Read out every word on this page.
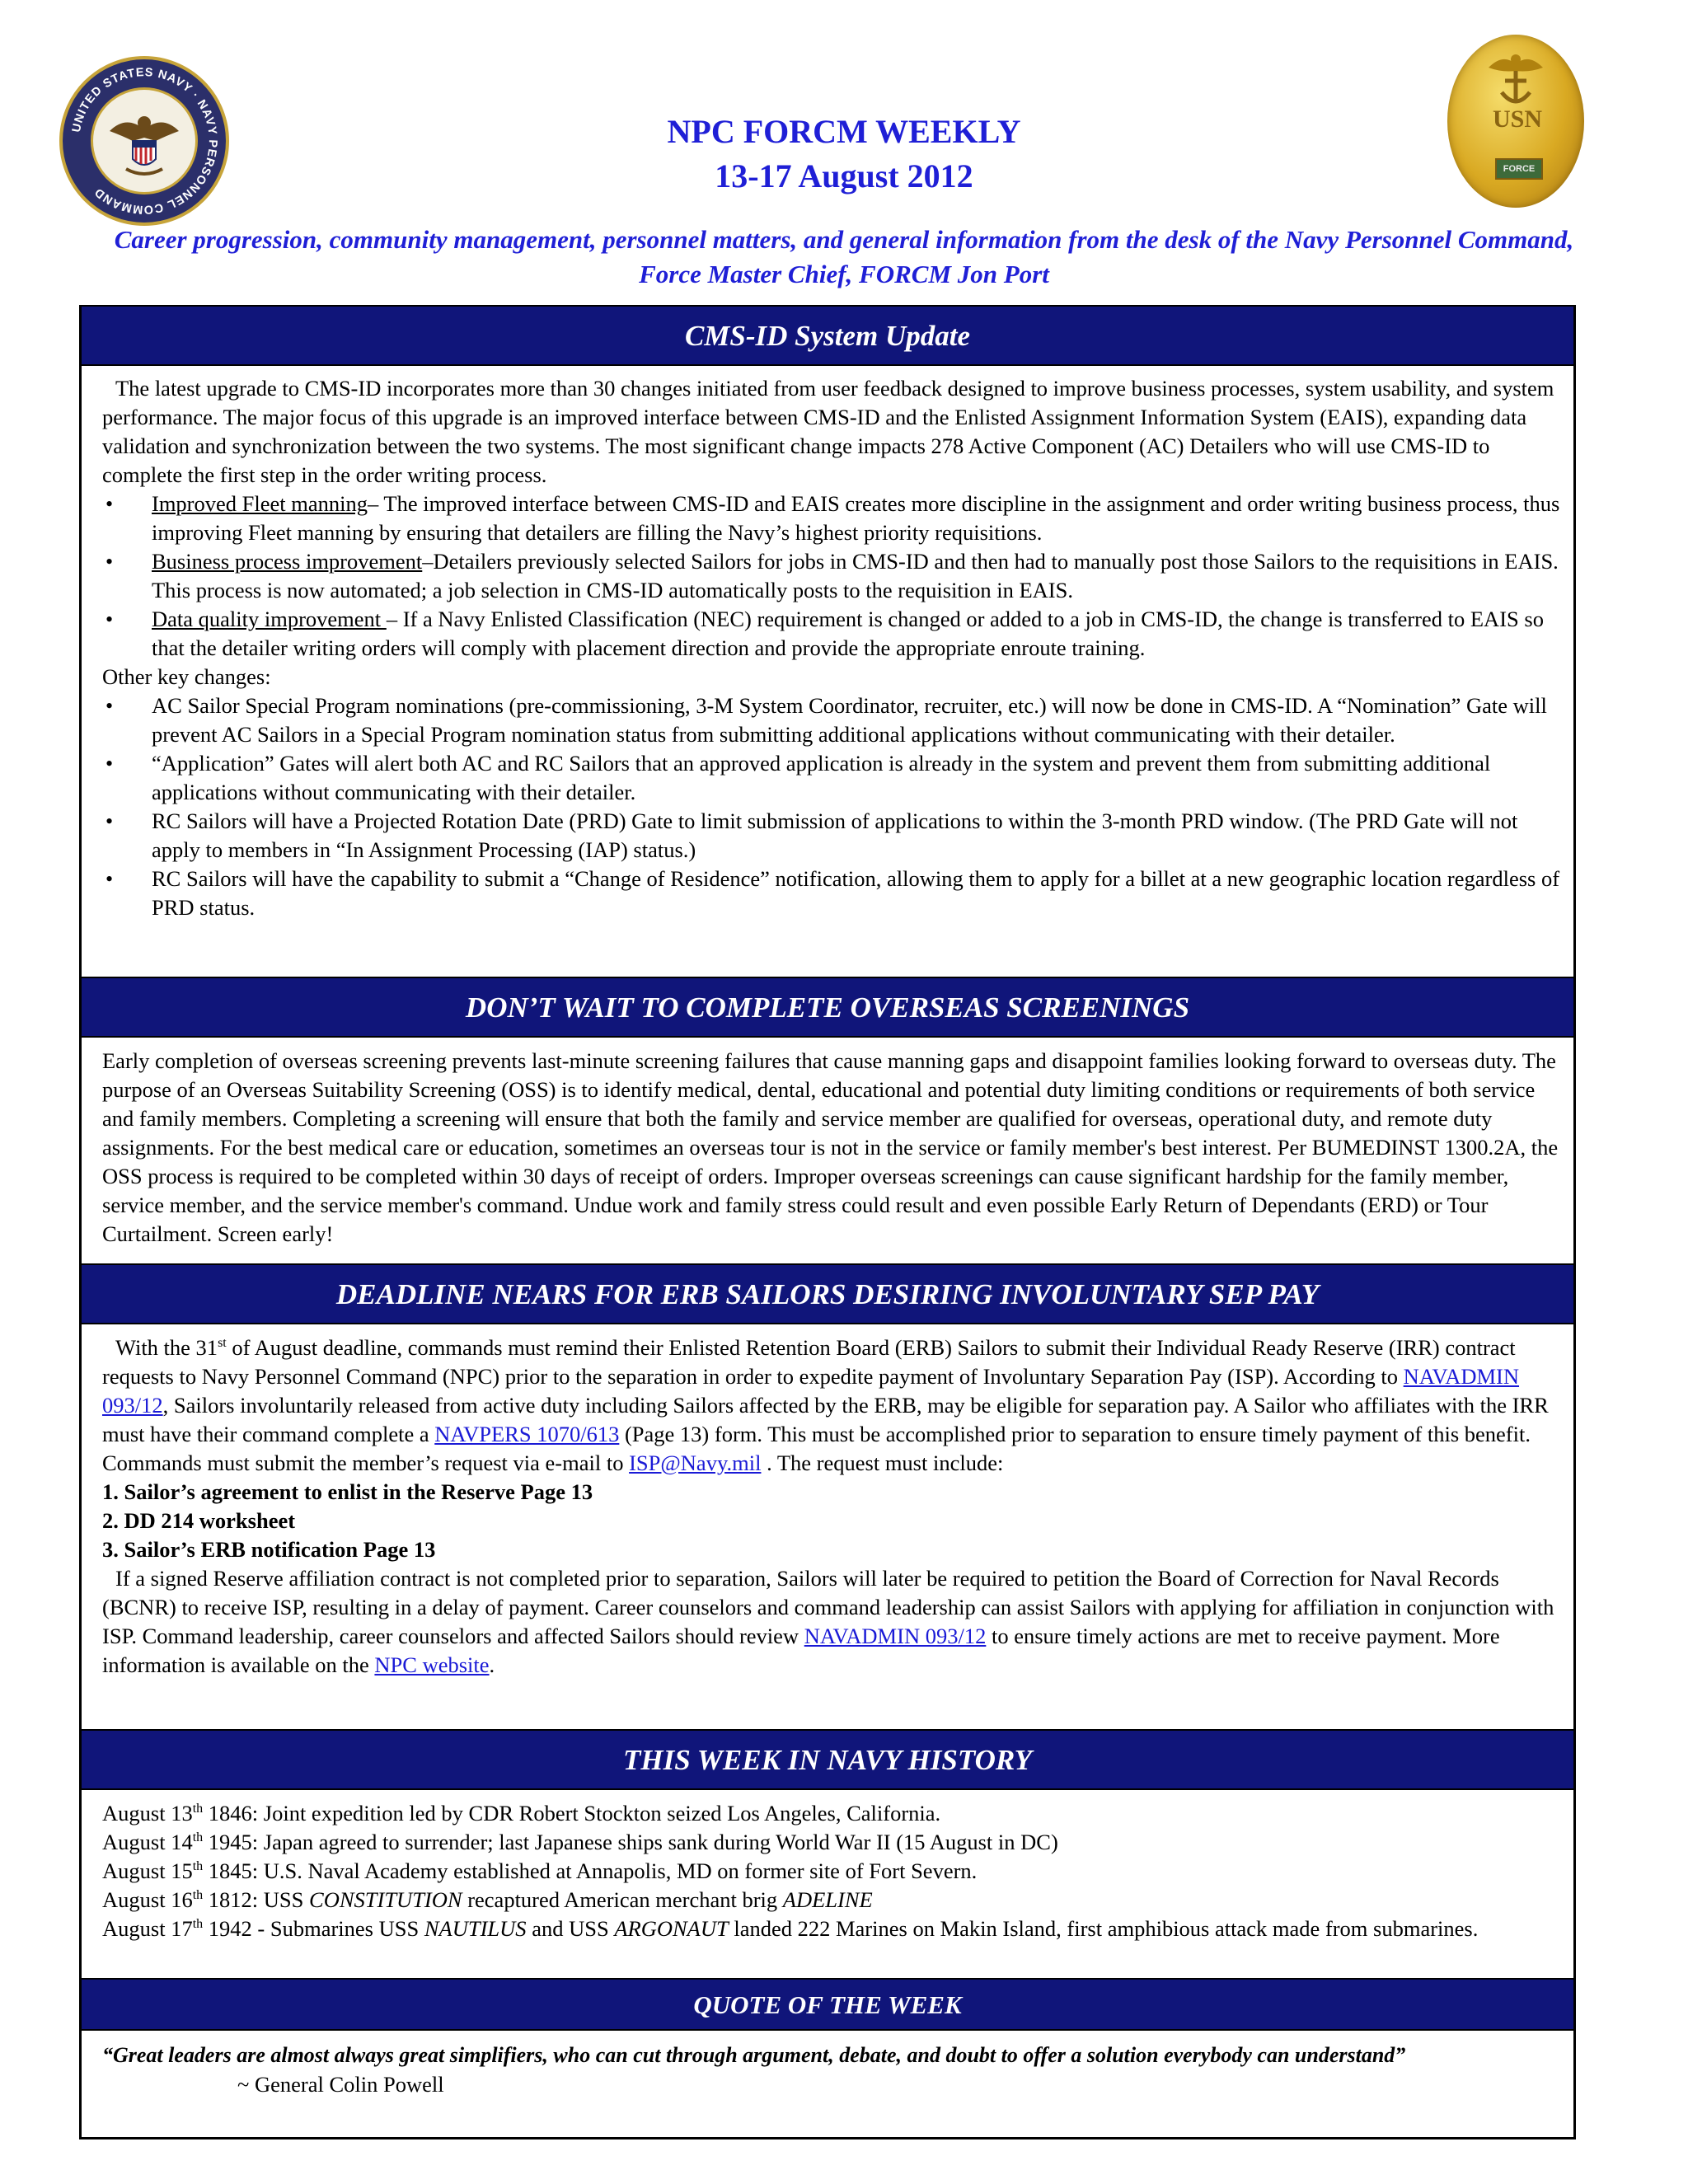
UNITED STATES NAVY · NAVY PERSONNEL COMMAND
USN
FORCE
NPC FORCM WEEKLY
13-17 August 2012
Career progression, community management, personnel matters, and general information from the desk of the Navy Personnel Command, Force Master Chief, FORCM Jon Port
CMS-ID System Update

The latest upgrade to CMS-ID incorporates more than 30 changes initiated from user feedback designed to improve business processes, system usability, and system performance. The major focus of this upgrade is an improved interface between CMS-ID and the Enlisted Assignment Information System (EAIS), expanding data validation and synchronization between the two systems. The most significant change impacts 278 Active Component (AC) Detailers who will use CMS-ID to complete the first step in the order writing process.

• Improved Fleet manning– The improved interface between CMS-ID and EAIS creates more discipline in the assignment and order writing business process, thus improving Fleet manning by ensuring that detailers are filling the Navy’s highest priority requisitions.
• Business process improvement–Detailers previously selected Sailors for jobs in CMS-ID and then had to manually post those Sailors to the requisitions in EAIS. This process is now automated; a job selection in CMS-ID automatically posts to the requisition in EAIS.
• Data quality improvement – If a Navy Enlisted Classification (NEC) requirement is changed or added to a job in CMS-ID, the change is transferred to EAIS so that the detailer writing orders will comply with placement direction and provide the appropriate enroute training.

Other key changes:

• AC Sailor Special Program nominations (pre-commissioning, 3-M System Coordinator, recruiter, etc.) will now be done in CMS-ID. A “Nomination” Gate will prevent AC Sailors in a Special Program nomination status from submitting additional applications without communicating with their detailer.
• “Application” Gates will alert both AC and RC Sailors that an approved application is already in the system and prevent them from submitting additional applications without communicating with their detailer.
• RC Sailors will have a Projected Rotation Date (PRD) Gate to limit submission of applications to within the 3-month PRD window. (The PRD Gate will not apply to members in “In Assignment Processing (IAP) status.)
• RC Sailors will have the capability to submit a “Change of Residence” notification, allowing them to apply for a billet at a new geographic location regardless of PRD status.
DON’T WAIT TO COMPLETE OVERSEAS SCREENINGS

Early completion of overseas screening prevents last-minute screening failures that cause manning gaps and disappoint families looking forward to overseas duty. The purpose of an Overseas Suitability Screening (OSS) is to identify medical, dental, educational and potential duty limiting conditions or requirements of both service and family members. Completing a screening will ensure that both the family and service member are qualified for overseas, operational duty, and remote duty assignments. For the best medical care or education, sometimes an overseas tour is not in the service or family member's best interest. Per BUMEDINST 1300.2A, the OSS process is required to be completed within 30 days of receipt of orders. Improper overseas screenings can cause significant hardship for the family member, service member, and the service member's command. Undue work and family stress could result and even possible Early Return of Dependants (ERD) or Tour Curtailment. Screen early!

DEADLINE NEARS FOR ERB SAILORS DESIRING INVOLUNTARY SEP PAY

With the 31st of August deadline, commands must remind their Enlisted Retention Board (ERB) Sailors to submit their Individual Ready Reserve (IRR) contract requests to Navy Personnel Command (NPC) prior to the separation in order to expedite payment of Involuntary Separation Pay (ISP). According to NAVADMIN 093/12, Sailors involuntarily released from active duty including Sailors affected by the ERB, may be eligible for separation pay. A Sailor who affiliates with the IRR must have their command complete a NAVPERS 1070/613 (Page 13) form. This must be accomplished prior to separation to ensure timely payment of this benefit. Commands must submit the member’s request via e-mail to ISP@Navy.mil . The request must include:

1. Sailor’s agreement to enlist in the Reserve Page 13

2. DD 214 worksheet

3. Sailor’s ERB notification Page 13

If a signed Reserve affiliation contract is not completed prior to separation, Sailors will later be required to petition the Board of Correction for Naval Records (BCNR) to receive ISP, resulting in a delay of payment. Career counselors and command leadership can assist Sailors with applying for affiliation in conjunction with ISP. Command leadership, career counselors and affected Sailors should review NAVADMIN 093/12 to ensure timely actions are met to receive payment. More information is available on the NPC website.

THIS WEEK IN NAVY HISTORY

August 13th 1846: Joint expedition led by CDR Robert Stockton seized Los Angeles, California.

August 14th 1945: Japan agreed to surrender; last Japanese ships sank during World War II (15 August in DC)

August 15th 1845: U.S. Naval Academy established at Annapolis, MD on former site of Fort Severn.

August 16th 1812: USS CONSTITUTION recaptured American merchant brig ADELINE

August 17th 1942 - Submarines USS NAUTILUS and USS ARGONAUT landed 222 Marines on Makin Island, first amphibious attack made from submarines.

QUOTE OF THE WEEK

“Great leaders are almost always great simplifiers, who can cut through argument, debate, and doubt to offer a solution everybody can understand”

~ General Colin Powell
